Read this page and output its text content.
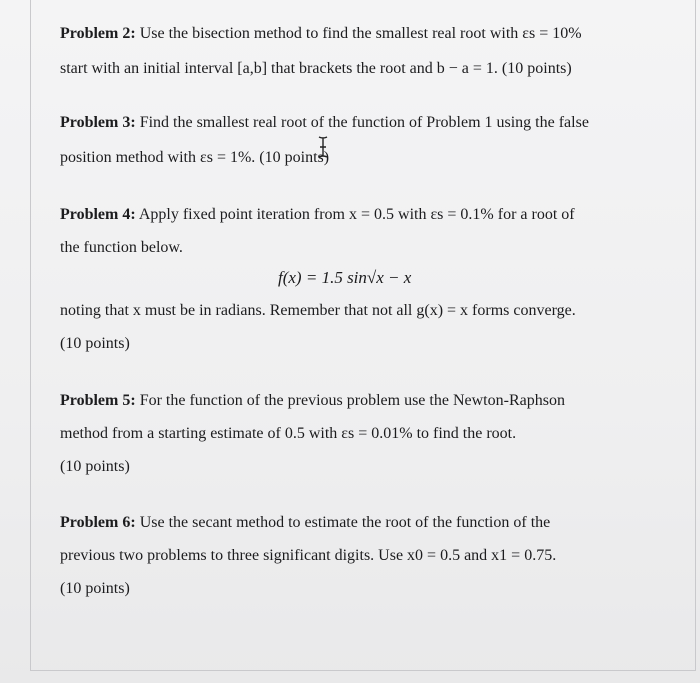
Problem 2: Use the bisection method to find the smallest real root with εs = 10%
start with an initial interval [a,b] that brackets the root and b − a = 1. (10 points)
Problem 3: Find the smallest real root of the function of Problem 1 using the false
position method with εs = 1%. (10 points)
Problem 4: Apply fixed point iteration from x = 0.5 with εs = 0.1% for a root of
the function below.
f(x) = 1.5 sin√x − x
noting that x must be in radians. Remember that not all g(x) = x forms converge.
(10 points)
Problem 5: For the function of the previous problem use the Newton-Raphson
method from a starting estimate of 0.5 with εs = 0.01% to find the root.
(10 points)
Problem 6: Use the secant method to estimate the root of the function of the
previous two problems to three significant digits. Use x0 = 0.5 and x1 = 0.75.
(10 points)
